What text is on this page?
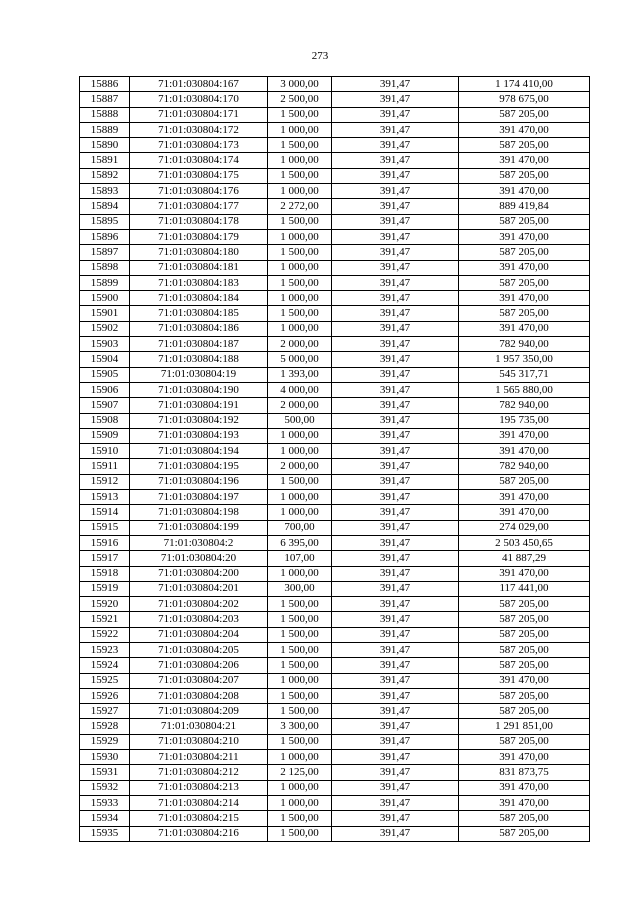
273
15886	71:01:030804:167	3 000,00	391,47	1 174 410,00
15887	71:01:030804:170	2 500,00	391,47	978 675,00
15888	71:01:030804:171	1 500,00	391,47	587 205,00
15889	71:01:030804:172	1 000,00	391,47	391 470,00
15890	71:01:030804:173	1 500,00	391,47	587 205,00
15891	71:01:030804:174	1 000,00	391,47	391 470,00
15892	71:01:030804:175	1 500,00	391,47	587 205,00
15893	71:01:030804:176	1 000,00	391,47	391 470,00
15894	71:01:030804:177	2 272,00	391,47	889 419,84
15895	71:01:030804:178	1 500,00	391,47	587 205,00
15896	71:01:030804:179	1 000,00	391,47	391 470,00
15897	71:01:030804:180	1 500,00	391,47	587 205,00
15898	71:01:030804:181	1 000,00	391,47	391 470,00
15899	71:01:030804:183	1 500,00	391,47	587 205,00
15900	71:01:030804:184	1 000,00	391,47	391 470,00
15901	71:01:030804:185	1 500,00	391,47	587 205,00
15902	71:01:030804:186	1 000,00	391,47	391 470,00
15903	71:01:030804:187	2 000,00	391,47	782 940,00
15904	71:01:030804:188	5 000,00	391,47	1 957 350,00
15905	71:01:030804:19	1 393,00	391,47	545 317,71
15906	71:01:030804:190	4 000,00	391,47	1 565 880,00
15907	71:01:030804:191	2 000,00	391,47	782 940,00
15908	71:01:030804:192	500,00	391,47	195 735,00
15909	71:01:030804:193	1 000,00	391,47	391 470,00
15910	71:01:030804:194	1 000,00	391,47	391 470,00
15911	71:01:030804:195	2 000,00	391,47	782 940,00
15912	71:01:030804:196	1 500,00	391,47	587 205,00
15913	71:01:030804:197	1 000,00	391,47	391 470,00
15914	71:01:030804:198	1 000,00	391,47	391 470,00
15915	71:01:030804:199	700,00	391,47	274 029,00
15916	71:01:030804:2	6 395,00	391,47	2 503 450,65
15917	71:01:030804:20	107,00	391,47	41 887,29
15918	71:01:030804:200	1 000,00	391,47	391 470,00
15919	71:01:030804:201	300,00	391,47	117 441,00
15920	71:01:030804:202	1 500,00	391,47	587 205,00
15921	71:01:030804:203	1 500,00	391,47	587 205,00
15922	71:01:030804:204	1 500,00	391,47	587 205,00
15923	71:01:030804:205	1 500,00	391,47	587 205,00
15924	71:01:030804:206	1 500,00	391,47	587 205,00
15925	71:01:030804:207	1 000,00	391,47	391 470,00
15926	71:01:030804:208	1 500,00	391,47	587 205,00
15927	71:01:030804:209	1 500,00	391,47	587 205,00
15928	71:01:030804:21	3 300,00	391,47	1 291 851,00
15929	71:01:030804:210	1 500,00	391,47	587 205,00
15930	71:01:030804:211	1 000,00	391,47	391 470,00
15931	71:01:030804:212	2 125,00	391,47	831 873,75
15932	71:01:030804:213	1 000,00	391,47	391 470,00
15933	71:01:030804:214	1 000,00	391,47	391 470,00
15934	71:01:030804:215	1 500,00	391,47	587 205,00
15935	71:01:030804:216	1 500,00	391,47	587 205,00
